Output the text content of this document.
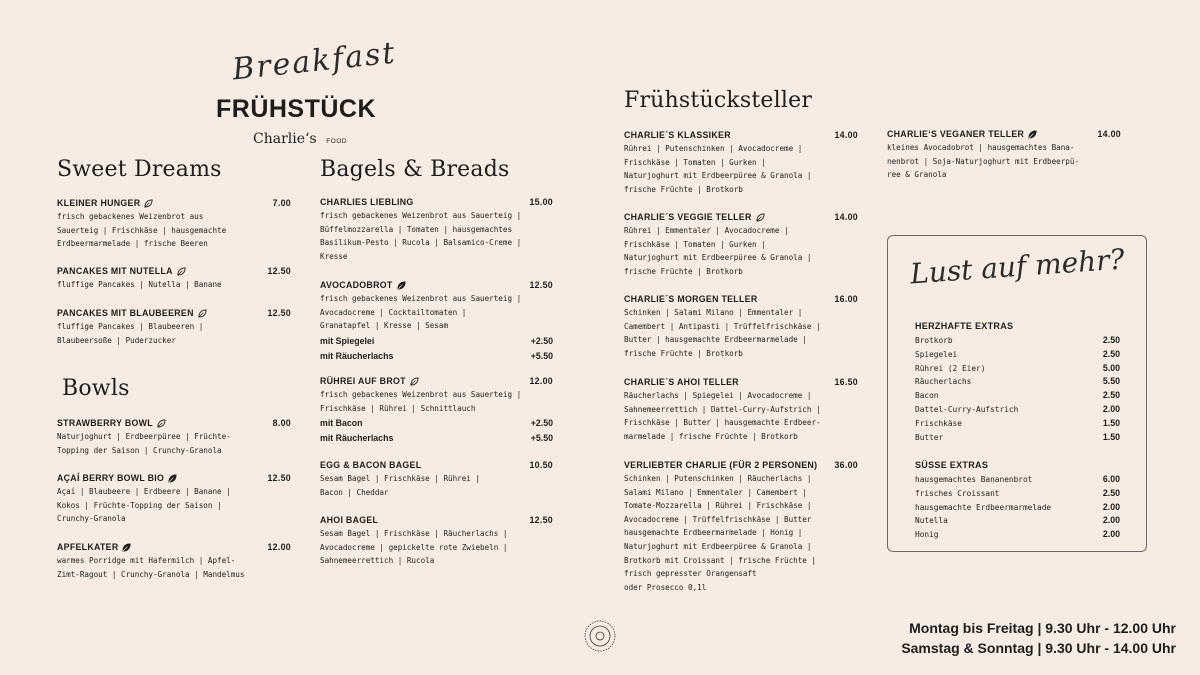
Breakfast
FRÜHSTÜCK
Charlie‘s FOOD
Sweet Dreams
KLEINER HUNGER	7.00
frisch gebackenes Weizenbrot aus
Sauerteig | Frischkäse | hausgemachte
Erdbeermarmelade | frische Beeren
PANCAKES MIT NUTELLA	12.50
fluffige Pancakes | Nutella | Banane
PANCAKES MIT BLAUBEEREN	12.50
fluffige Pancakes | Blaubeeren |
Blaubeersoße | Puderzucker
Bowls
STRAWBERRY BOWL	8.00
Naturjoghurt | Erdbeerpüree | Früchte-
Topping der Saison | Crunchy-Granola
AÇAÍ BERRY BOWL BIO	12.50
Açaí | Blaubeere | Erdbeere | Banane |
Kokos | Früchte-Topping der Saison |
Crunchy-Granola
APFELKATER	12.00
warmes Porridge mit Hafermilch | Apfel-
Zimt-Ragout | Crunchy-Granola | Mandelmus
Bagels & Breads
CHARLIES LIEBLING	15.00
frisch gebackenes Weizenbrot aus Sauerteig |
Büffelmozzarella | Tomaten | hausgemachtes
Basilikum-Pesto | Rucola | Balsamico-Creme |
Kresse
AVOCADOBROT	12.50
frisch gebackenes Weizenbrot aus Sauerteig |
Avocadocreme | Cocktailtomaten |
Granatapfel | Kresse | Sesam
mit Spiegelei	+2.50
mit Räucherlachs	+5.50
RÜHREI AUF BROT	12.00
frisch gebackenes Weizenbrot aus Sauerteig |
Frischkäse | Rührei | Schnittlauch
mit Bacon	+2.50
mit Räucherlachs	+5.50
EGG & BACON BAGEL	10.50
Sesam Bagel | Frischkäse | Rührei |
Bacon | Cheddar
AHOI BAGEL	12.50
Sesam Bagel | Frischkäse | Räucherlachs |
Avocadocreme | gepickelte rote Zwiebeln |
Sahnemeerrettich | Rucola
Frühstücksteller
CHARLIE´S KLASSIKER	14.00
Rührei | Putenschinken | Avocadocreme |
Frischkäse | Tomaten | Gurken |
Naturjoghurt mit Erdbeerpüree & Granola |
frische Früchte | Brotkorb
CHARLIE´S VEGGIE TELLER	14.00
Rührei | Emmentaler | Avocadocreme |
Frischkäse | Tomaten | Gurken |
Naturjoghurt mit Erdbeerpüree & Granola |
frische Früchte | Brotkorb
CHARLIE´S MORGEN TELLER	16.00
Schinken | Salami Milano | Emmentaler |
Camembert | Antipasti | Trüffelfrischkäse |
Butter | hausgemachte Erdbeermarmelade |
frische Früchte | Brotkorb
CHARLIE´S AHOI TELLER	16.50
Räucherlachs | Spiegelei | Avocadocreme |
Sahnemeerrettich | Dattel-Curry-Aufstrich |
Frischkäse | Butter | hausgemachte Erdbeer-
marmelade | frische Früchte | Brotkorb
VERLIEBTER CHARLIE (FÜR 2 PERSONEN) 36.00
Schinken | Putenschinken | Räucherlachs |
Salami Milano | Emmentaler | Camembert |
Tomate-Mozzarella | Rührei | Frischkäse |
Avocadocreme | Trüffelfrischkäse | Butter
hausgemachte Erdbeermarmelade | Honig |
Naturjoghurt mit Erdbeerpüree & Granola |
Brotkorb mit Croissant | frische Früchte |
frisch gepresster Orangensaft
oder Prosecco 0,1l
CHARLIE‘S VEGANER TELLER	14.00
kleines Avocadobrot | hausgemachtes Bana-
nenbrot | Soja-Naturjoghurt mit Erdbeerpü-
ree & Granola
Lust auf mehr?
HERZHAFTE EXTRAS
Brotkorb	2.50
Spiegelei	2.50
Rührei (2 Eier)	5.00
Räucherlachs	5.50
Bacon	2.50
Dattel-Curry-Aufstrich	2.00
Frischkäse	1.50
Butter	1.50
SÜSSE EXTRAS
hausgemachtes Bananenbrot	6.00
frisches Croissant	2.50
hausgemachte Erdbeermarmelade	2.00
Nutella	2.00
Honig	2.00
Montag bis Freitag | 9.30 Uhr - 12.00 Uhr
Samstag & Sonntag | 9.30 Uhr - 14.00 Uhr
